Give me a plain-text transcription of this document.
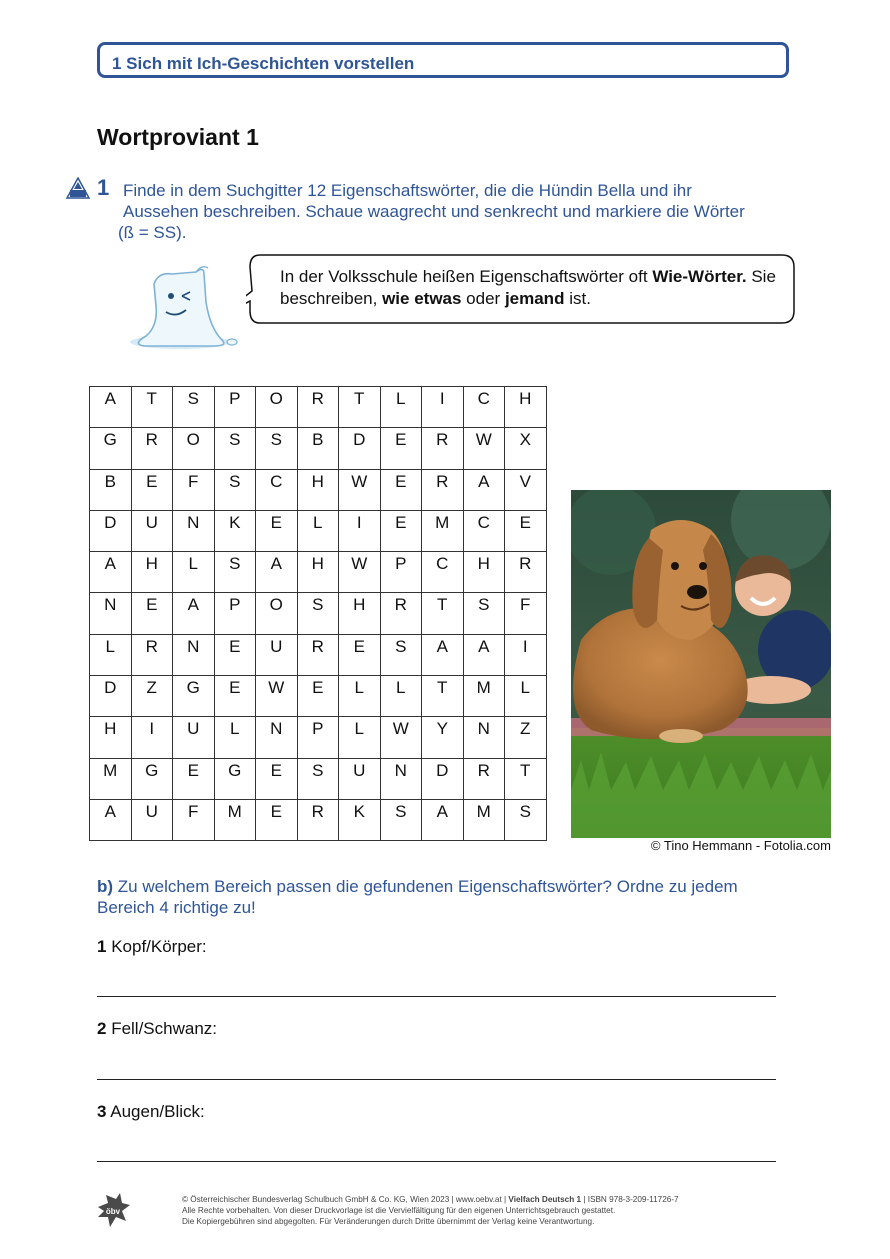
1 Sich mit Ich-Geschichten vorstellen
Wortproviant 1
1 Finde in dem Suchgitter 12 Eigenschaftswörter, die die Hündin Bella und ihr
Aussehen beschreiben. Schaue waagrecht und senkrecht und markiere die Wörter
(ß = SS).
In der Volksschule heißen Eigenschaftswörter oft Wie-Wörter. Sie beschreiben, wie etwas oder jemand ist.
A	T	S	P	O	R	T	L	I	C	H
G	R	O	S	S	B	D	E	R	W	X
B	E	F	S	C	H	W	E	R	A	V
D	U	N	K	E	L	I	E	M	C	E
A	H	L	S	A	H	W	P	C	H	R
N	E	A	P	O	S	H	R	T	S	F
L	R	N	E	U	R	E	S	A	A	I
D	Z	G	E	W	E	L	L	T	M	L
H	I	U	L	N	P	L	W	Y	N	Z
M	G	E	G	E	S	U	N	D	R	T
A	U	F	M	E	R	K	S	A	M	S
© Tino Hemmann - Fotolia.com
b) Zu welchem Bereich passen die gefundenen Eigenschaftswörter? Ordne zu jedem
Bereich 4 richtige zu!
1 Kopf/Körper:
2 Fell/Schwanz:
3 Augen/Blick:
öbv
© Österreichischer Bundesverlag Schulbuch GmbH & Co. KG, Wien 2023 | www.oebv.at | Vielfach Deutsch 1 | ISBN 978-3-209-11726-7
Alle Rechte vorbehalten. Von dieser Druckvorlage ist die Vervielfältigung für den eigenen Unterrichtsgebrauch gestattet.
Die Kopiergebühren sind abgegolten. Für Veränderungen durch Dritte übernimmt der Verlag keine Verantwortung.
